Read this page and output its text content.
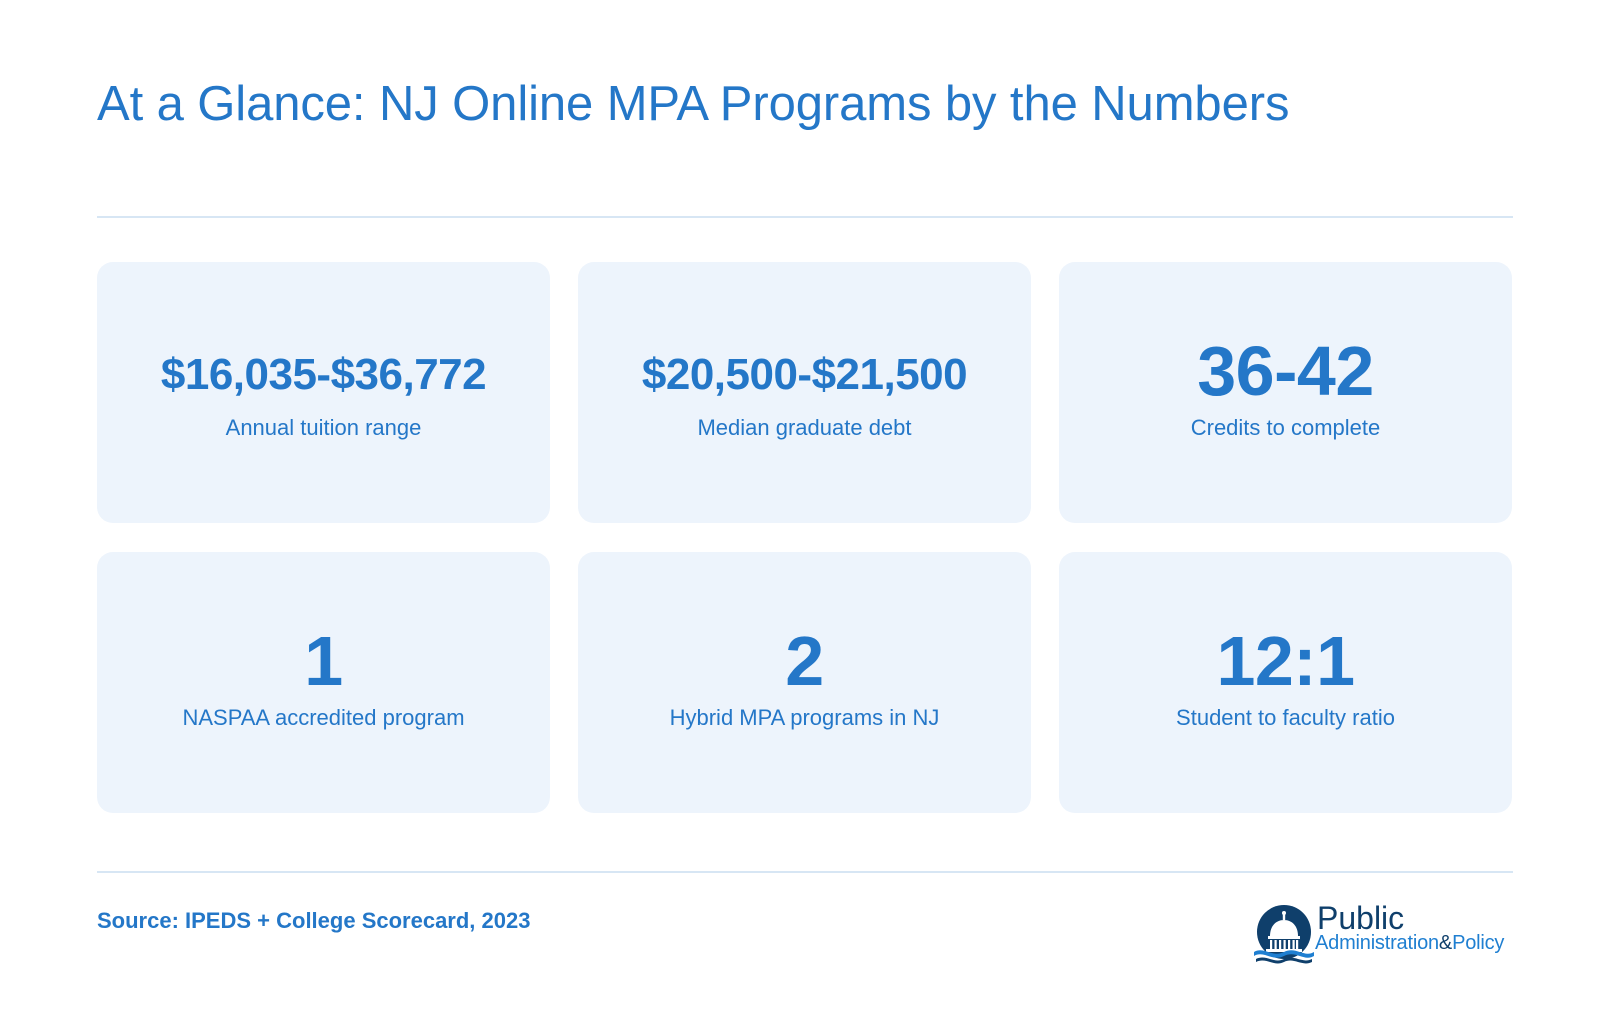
At a Glance: NJ Online MPA Programs by the Numbers
$16,035-$36,772
Annual tuition range
$20,500-$21,500
Median graduate debt
36-42
Credits to complete
1
NASPAA accredited program
2
Hybrid MPA programs in NJ
12:1
Student to faculty ratio
Source: IPEDS + College Scorecard, 2023	Public
Administration&Policy
